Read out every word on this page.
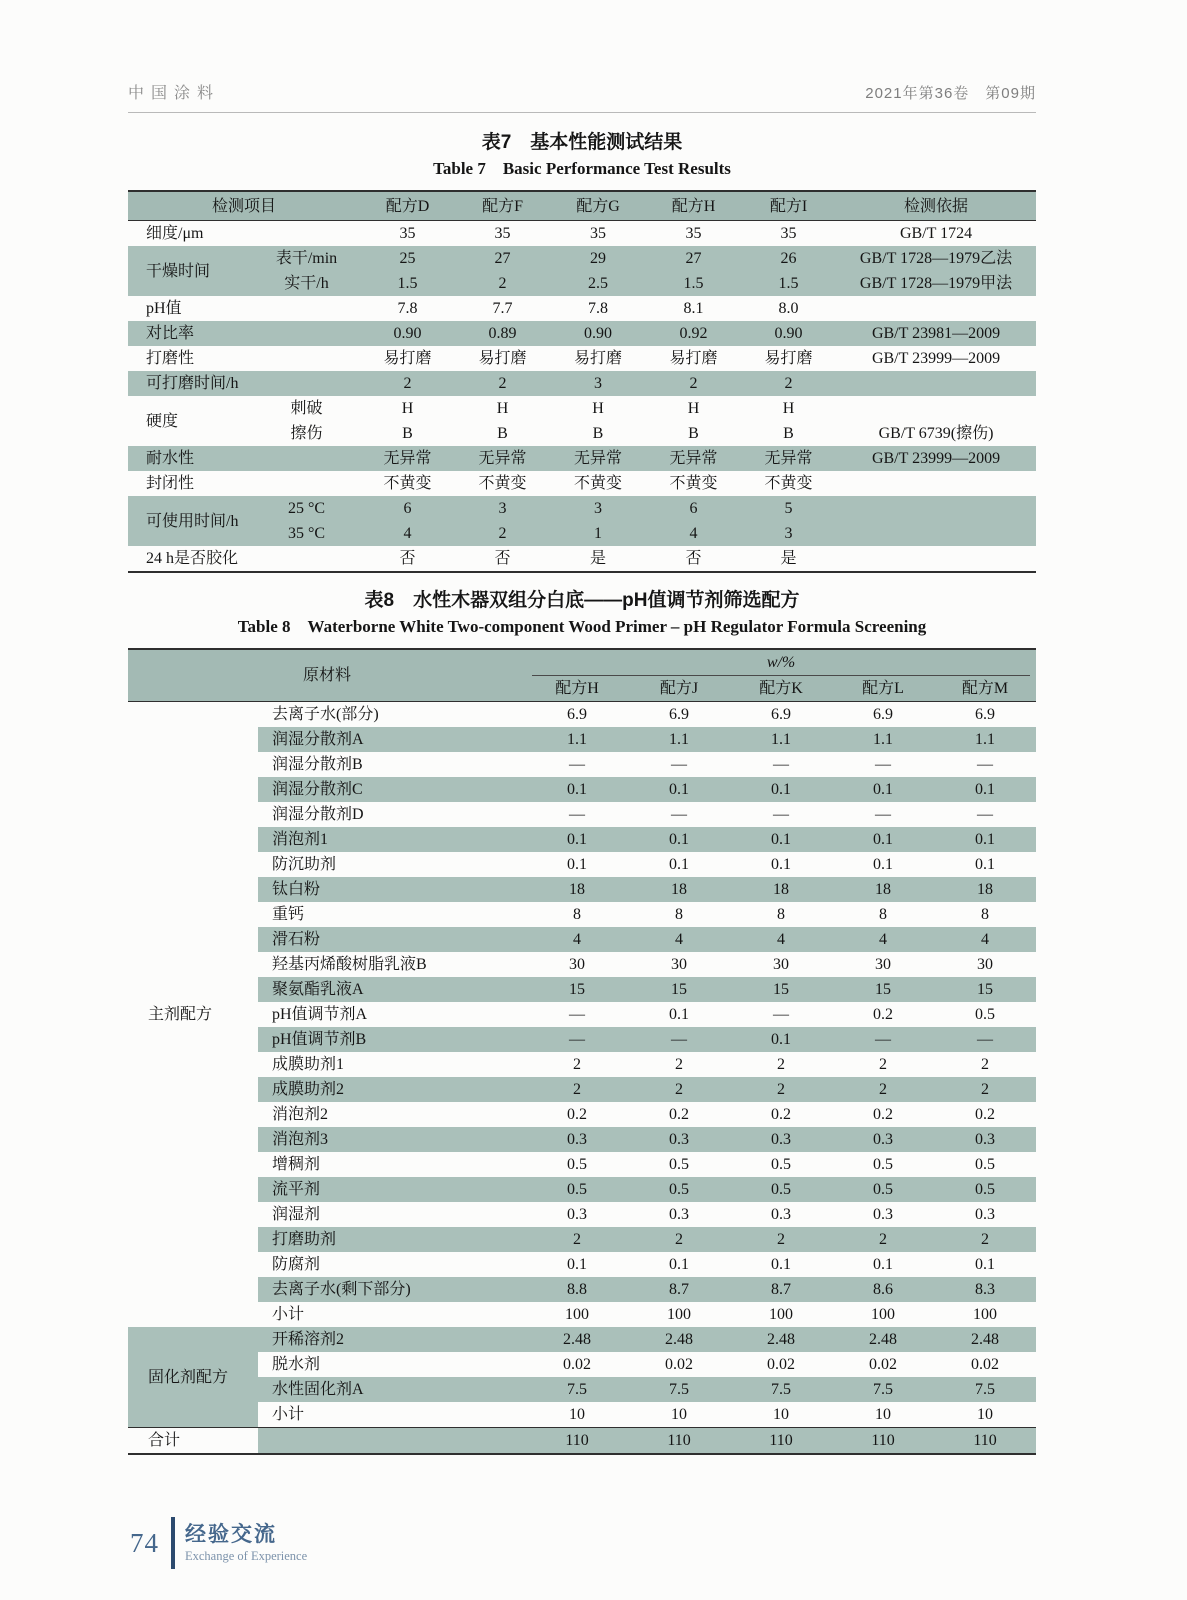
中国涂料	2021年第36卷　第09期
表7　基本性能测试结果
Table 7　Basic Performance Test Results
检测项目		配方D	配方F	配方G	配方H	配方I	检测依据
细度/μm		35	35	35	35	35	GB/T 1724
干燥时间	表干/min	25	27	29	27	26	GB/T 1728—1979乙法
	实干/h	1.5	2	2.5	1.5	1.5	GB/T 1728—1979甲法
pH值		7.8	7.7	7.8	8.1	8.0	
对比率		0.90	0.89	0.90	0.92	0.90	GB/T 23981—2009
打磨性		易打磨	易打磨	易打磨	易打磨	易打磨	GB/T 23999—2009
可打磨时间/h		2	2	3	2	2	
硬度	刺破	H	H	H	H	H	
	擦伤	B	B	B	B	B	GB/T 6739(擦伤)
耐水性		无异常	无异常	无异常	无异常	无异常	GB/T 23999—2009
封闭性		不黄变	不黄变	不黄变	不黄变	不黄变	
可使用时间/h	25 °C	6	3	3	6	5	
	35 °C	4	2	1	4	3	
24 h是否胶化		否	否	是	否	是	
表8　水性木器双组分白底——pH值调节剂筛选配方
Table 8　Waterborne White Two-component Wood Primer – pH Regulator Formula Screening
原材料		w/%				

		配方H	配方J	配方K	配方L	配方M
主剂配方	去离子水(部分)	6.9	6.9	6.9	6.9	6.9
	润湿分散剂A	1.1	1.1	1.1	1.1	1.1
	润湿分散剂B	—	—	—	—	—
	润湿分散剂C	0.1	0.1	0.1	0.1	0.1
	润湿分散剂D	—	—	—	—	—
	消泡剂1	0.1	0.1	0.1	0.1	0.1
	防沉助剂	0.1	0.1	0.1	0.1	0.1
	钛白粉	18	18	18	18	18
	重钙	8	8	8	8	8
	滑石粉	4	4	4	4	4
	羟基丙烯酸树脂乳液B	30	30	30	30	30
	聚氨酯乳液A	15	15	15	15	15
	pH值调节剂A	—	0.1	—	0.2	0.5
	pH值调节剂B	—	—	0.1	—	—
	成膜助剂1	2	2	2	2	2
	成膜助剂2	2	2	2	2	2
	消泡剂2	0.2	0.2	0.2	0.2	0.2
	消泡剂3	0.3	0.3	0.3	0.3	0.3
	增稠剂	0.5	0.5	0.5	0.5	0.5
	流平剂	0.5	0.5	0.5	0.5	0.5
	润湿剂	0.3	0.3	0.3	0.3	0.3
	打磨助剂	2	2	2	2	2
	防腐剂	0.1	0.1	0.1	0.1	0.1
	去离子水(剩下部分)	8.8	8.7	8.7	8.6	8.3
	小计	100	100	100	100	100
固化剂配方	开稀溶剂2	2.48	2.48	2.48	2.48	2.48
	脱水剂	0.02	0.02	0.02	0.02	0.02
	水性固化剂A	7.5	7.5	7.5	7.5	7.5
	小计	10	10	10	10	10
合计		110	110	110	110	110
74 经验交流
Exchange of Experience
